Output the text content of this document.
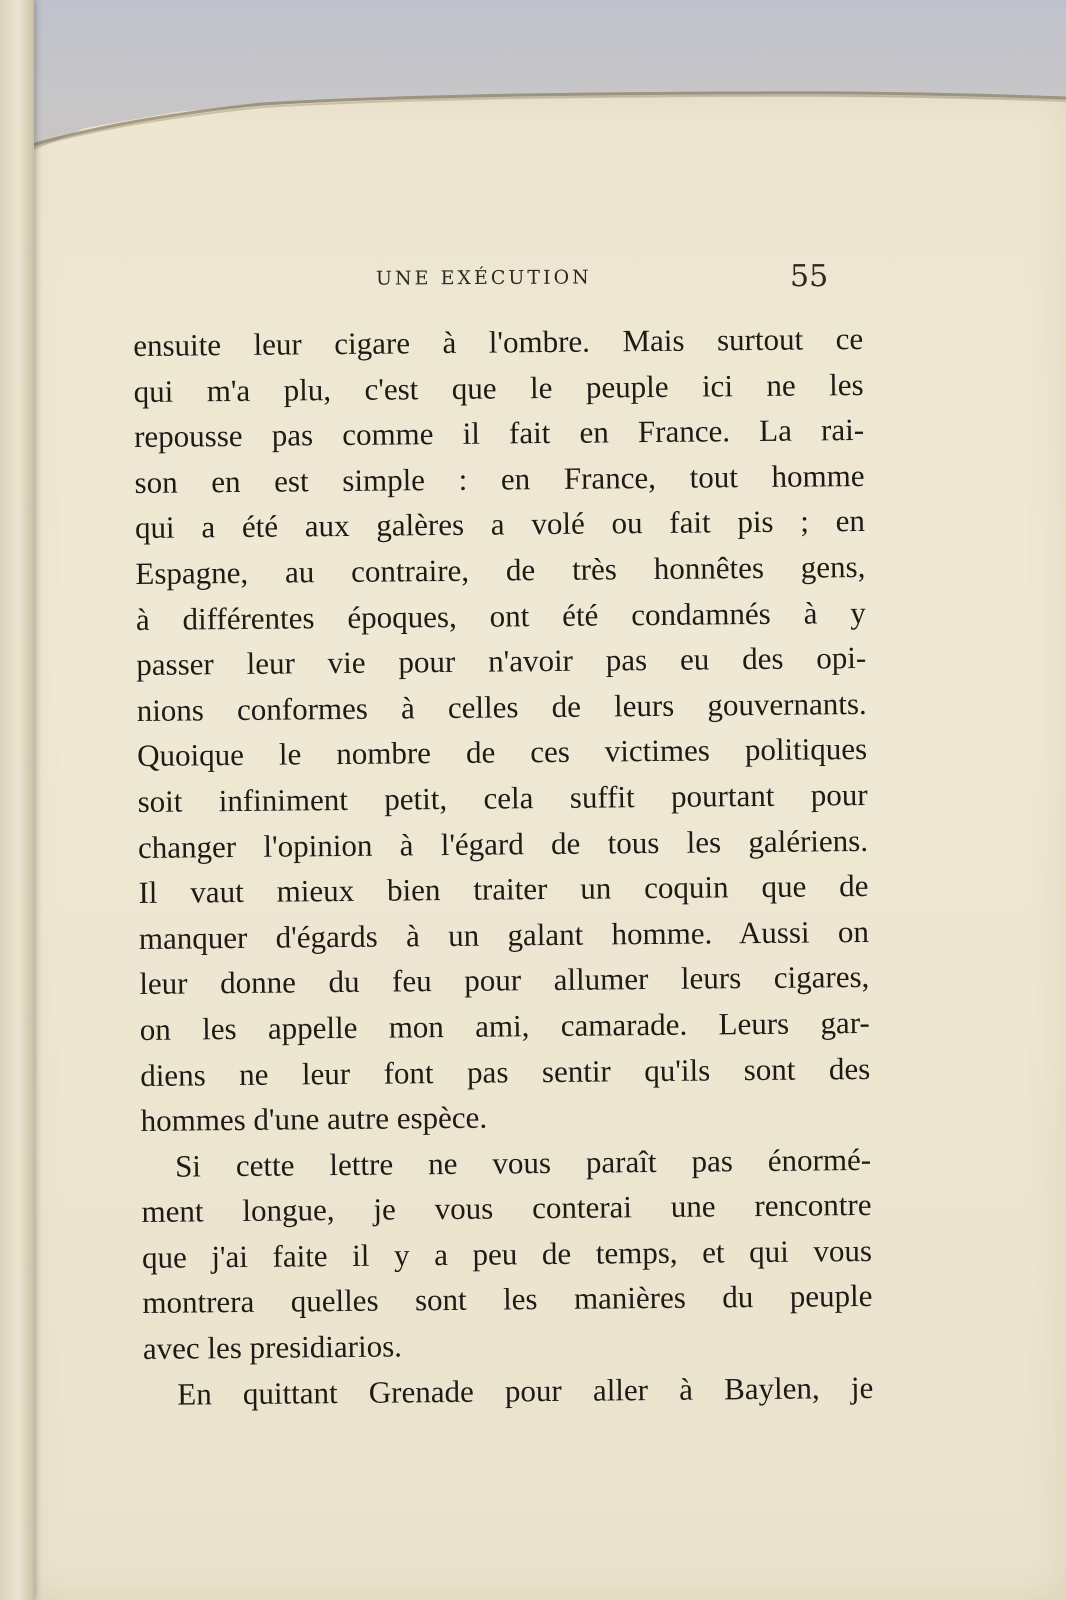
UNE EXÉCUTION	55
ensuite leur cigare à l'ombre. Mais surtout ce
qui m'a plu, c'est que le peuple ici ne les
repousse pas comme il fait en France. La rai-
son en est simple : en France, tout homme
qui a été aux galères a volé ou fait pis ; en
Espagne, au contraire, de très honnêtes gens,
à différentes époques, ont été condamnés à y
passer leur vie pour n'avoir pas eu des opi-
nions conformes à celles de leurs gouvernants.
Quoique le nombre de ces victimes politiques
soit infiniment petit, cela suffit pourtant pour
changer l'opinion à l'égard de tous les galériens.
Il vaut mieux bien traiter un coquin que de
manquer d'égards à un galant homme. Aussi on
leur donne du feu pour allumer leurs cigares,
on les appelle mon ami, camarade. Leurs gar-
diens ne leur font pas sentir qu'ils sont des
hommes d'une autre espèce.
Si cette lettre ne vous paraît pas énormé-
ment longue, je vous conterai une rencontre
que j'ai faite il y a peu de temps, et qui vous
montrera quelles sont les manières du peuple
avec les presidiarios.
En quittant Grenade pour aller à Baylen, je
